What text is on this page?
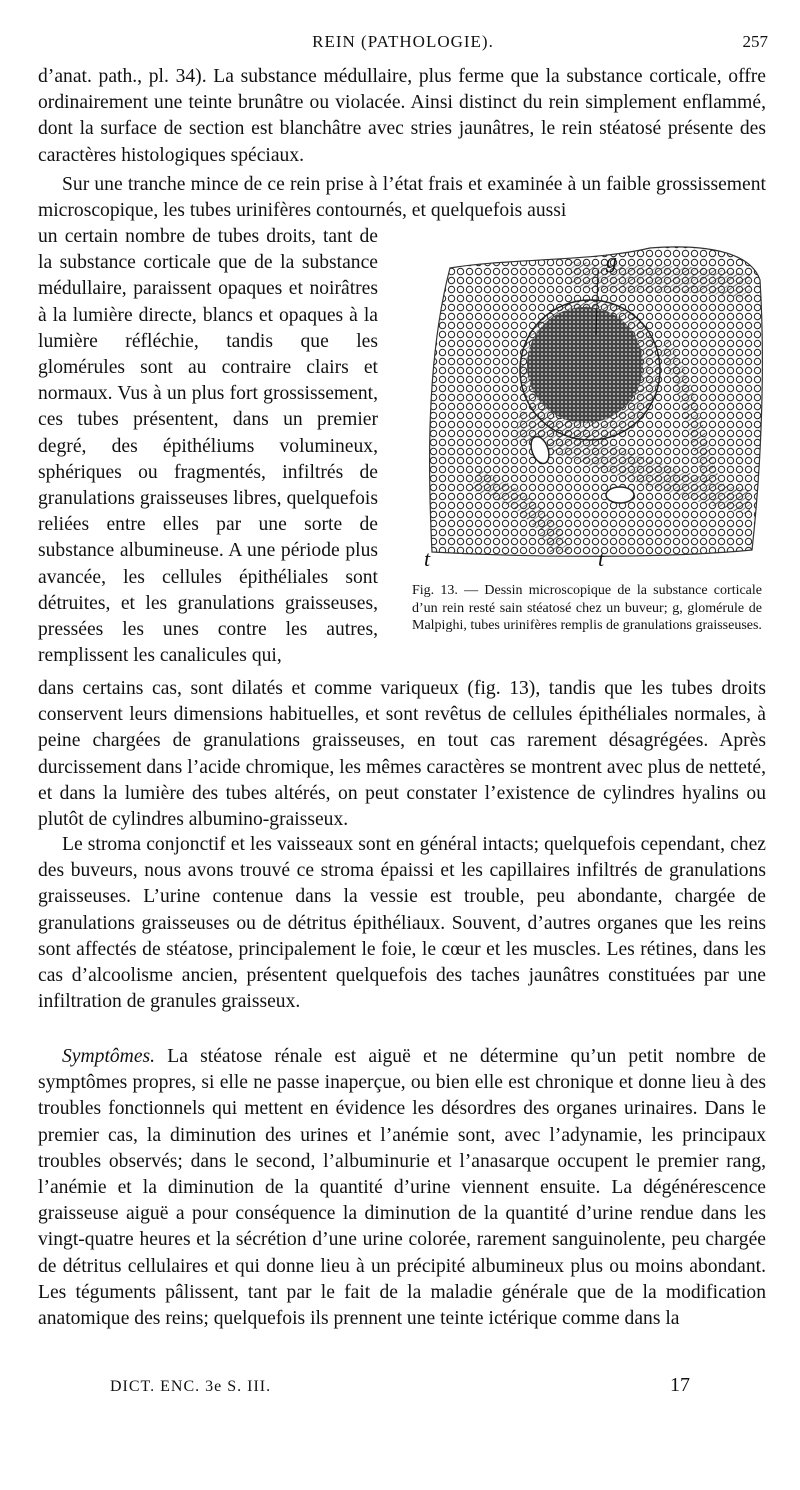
REIN (PATHOLOGIE).	257
d’anat. path., pl. 34). La substance médullaire, plus ferme que la substance corticale, offre ordinairement une teinte brunâtre ou violacée. Ainsi distinct du rein simplement enflammé, dont la surface de section est blanchâtre avec stries jaunâtres, le rein stéatosé présente des caractères histologiques spéciaux.
Sur une tranche mince de ce rein prise à l’état frais et examinée à un faible grossissement microscopique, les tubes urinifères contournés, et quelquefois aussi
un certain nombre de tubes droits, tant de la substance corticale que de la substance médullaire, paraissent opaques et noirâtres à la lumière directe, blancs et opaques à la lumière réfléchie, tandis que les glomérules sont au contraire clairs et normaux. Vus à un plus fort grossissement, ces tubes présentent, dans un premier degré, des épithéliums volumineux, sphériques ou fragmentés, infiltrés de granulations graisseuses libres, quelquefois reliées entre elles par une sorte de substance albumineuse. A une période plus avancée, les cellules épithéliales sont détruites, et les granulations graisseuses, pressées les unes contre les autres, remplissent les canalicules qui,
g
t	t
Fig. 13. — Dessin microscopique de la substance corticale d’un rein resté sain stéatosé chez un buveur; g, glomérule de Malpighi, tubes urinifères remplis de granulations graisseuses.
dans certains cas, sont dilatés et comme variqueux (fig. 13), tandis que les tubes droits conservent leurs dimensions habituelles, et sont revêtus de cellules épithéliales normales, à peine chargées de granulations graisseuses, en tout cas rarement désagrégées. Après durcissement dans l’acide chromique, les mêmes caractères se montrent avec plus de netteté, et dans la lumière des tubes altérés, on peut constater l’existence de cylindres hyalins ou plutôt de cylindres albumino-graisseux.
Le stroma conjonctif et les vaisseaux sont en général intacts; quelquefois cependant, chez des buveurs, nous avons trouvé ce stroma épaissi et les capillaires infiltrés de granulations graisseuses. L’urine contenue dans la vessie est trouble, peu abondante, chargée de granulations graisseuses ou de détritus épithéliaux. Souvent, d’autres organes que les reins sont affectés de stéatose, principalement le foie, le cœur et les muscles. Les rétines, dans les cas d’alcoolisme ancien, présentent quelquefois des taches jaunâtres constituées par une infiltration de granules graisseux.
Symptômes. La stéatose rénale est aiguë et ne détermine qu’un petit nombre de symptômes propres, si elle ne passe inaperçue, ou bien elle est chronique et donne lieu à des troubles fonctionnels qui mettent en évidence les désordres des organes urinaires. Dans le premier cas, la diminution des urines et l’anémie sont, avec l’adynamie, les principaux troubles observés; dans le second, l’albuminurie et l’anasarque occupent le premier rang, l’anémie et la diminution de la quantité d’urine viennent ensuite. La dégénérescence graisseuse aiguë a pour conséquence la diminution de la quantité d’urine rendue dans les vingt-quatre heures et la sécrétion d’une urine colorée, rarement sanguinolente, peu chargée de détritus cellulaires et qui donne lieu à un précipité albumineux plus ou moins abondant. Les téguments pâlissent, tant par le fait de la maladie générale que de la modification anatomique des reins; quelquefois ils prennent une teinte ictérique comme dans la
DICT. ENC. 3e S. III.	17
